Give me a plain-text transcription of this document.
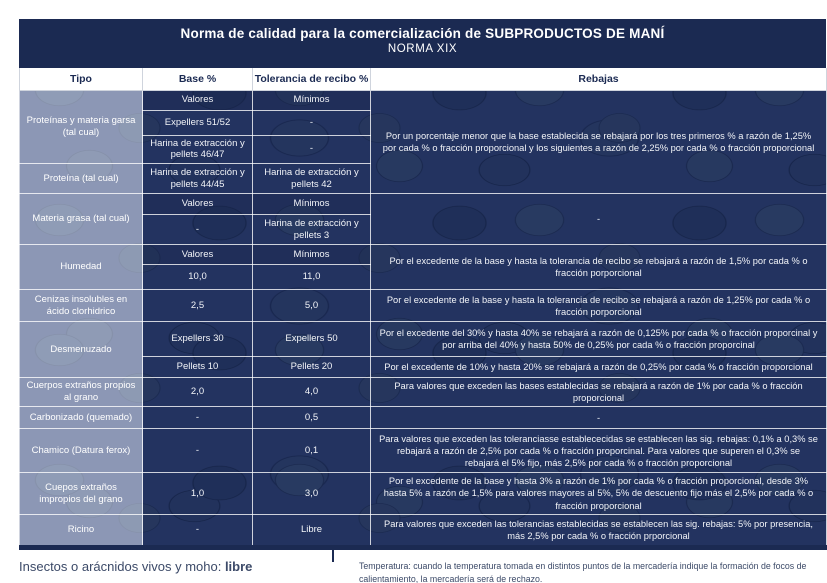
Norma de calidad para la comercialización de SUBPRODUCTOS DE MANÍ
NORMA XIX
Tipo	Base %	Tolerancia de recibo %	Rebajas
Proteínas y materia garsa (tal cual)	Valores	Mínimos	Por un porcentaje menor que la base establecida se rebajará por los tres primeros % a razón de 1,25% por cada % o fracción proporcional y los siguientes a razón de 2,25% por cada % o fracción proporcional
	Expellers 51/52	-	
	Harina de extracción y pellets 46/47	-	
Proteína (tal cual)	Harina de extracción y pellets 44/45	Harina de extracción y pellets 42	
Materia grasa (tal cual)	Valores	Mínimos	-
	-	Harina de extracción y pellets 3	
Humedad	Valores	Mínimos	Por el excedente de la base y hasta la tolerancia de recibo se rebajará a razón de 1,5% por cada % o fracción porporcional
	10,0	11,0	
Cenizas insolubles en ácido clorhidrico	2,5	5,0	Por el excedente de la base y hasta la tolerancia de recibo se rebajará a razón de 1,25% por cada % o fracción porporcional
Desmenuzado	Expellers 30	Expellers 50	Por el excedente del 30% y hasta 40% se rebajará a razón de 0,125% por cada % o fracción proporcinal y por arriba del 40% y hasta 50% de 0,25% por cada % o fracción proporcinal
	Pellets 10	Pellets 20	Por el excedente de 10% y hasta 20% se rebajará a razón de 0,25% por cada % o fracción proporcional
Cuerpos extraños propios al grano	2,0	4,0	Para valores que exceden las bases establecidas se rebajará a razón de 1% por cada % o fracción proporcional
Carbonizado (quemado)	-	0,5	-
Chamico (Datura ferox)	-	0,1	Para valores que exceden las toleranciasse establececidas se establecen las sig. rebajas: 0,1% a 0,3% se rebajará a razón de 2,5% por cada % o fracción proporcinal. Para valores que superen el 0,3% se rebajará el 5% fijo, más 2,5% por cada % o fracción proporcional
Cuepos extraños impropios del grano	1,0	3,0	Por el excedente de la base y hasta 3% a razón de 1% por cada % o fracción proporcional, desde 3% hasta 5% a razón de 1,5% para valores mayores al 5%, 5% de descuento fijo más el 2,5% por cada % o fracción proporcional
Ricino	-	Libre	Para valores que exceden las tolerancias establecidas se establecen las sig. rebajas: 5% por presencia, más 2,5% por cada % o fracción prporcional
Insectos o arácnidos vivos y moho: libre	Temperatura: cuando la temperatura tomada en distintos puntos de la mercadería indique la formación de focos de calientamiento, la mercadería será de rechazo.
